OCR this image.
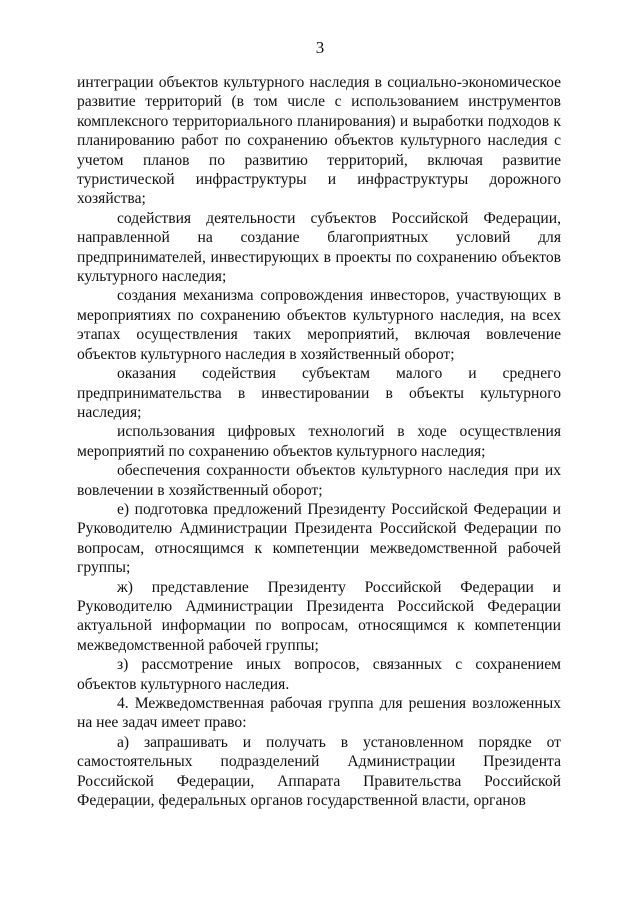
3

интеграции объектов культурного наследия в социально-экономическое развитие территорий (в том числе с использованием инструментов комплексного территориального планирования) и выработки подходов к планированию работ по сохранению объектов культурного наследия с учетом планов по развитию территорий, включая развитие туристической инфраструктуры и инфраструктуры дорожного хозяйства;

содействия деятельности субъектов Российской Федерации, направленной на создание благоприятных условий для предпринимателей, инвестирующих в проекты по сохранению объектов культурного наследия;

создания механизма сопровождения инвесторов, участвующих в мероприятиях по сохранению объектов культурного наследия, на всех этапах осуществления таких мероприятий, включая вовлечение объектов культурного наследия в хозяйственный оборот;

оказания содействия субъектам малого и среднего предпринимательства в инвестировании в объекты культурного наследия;

использования цифровых технологий в ходе осуществления мероприятий по сохранению объектов культурного наследия;

обеспечения сохранности объектов культурного наследия при их вовлечении в хозяйственный оборот;

е) подготовка предложений Президенту Российской Федерации и Руководителю Администрации Президента Российской Федерации по вопросам, относящимся к компетенции межведомственной рабочей группы;

ж) представление Президенту Российской Федерации и Руководителю Администрации Президента Российской Федерации актуальной информации по вопросам, относящимся к компетенции межведомственной рабочей группы;

з) рассмотрение иных вопросов, связанных с сохранением объектов культурного наследия.

4. Межведомственная рабочая группа для решения возложенных на нее задач имеет право:

а) запрашивать и получать в установленном порядке от самостоятельных подразделений Администрации Президента Российской Федерации, Аппарата Правительства Российской Федерации, федеральных органов государственной власти, органов
